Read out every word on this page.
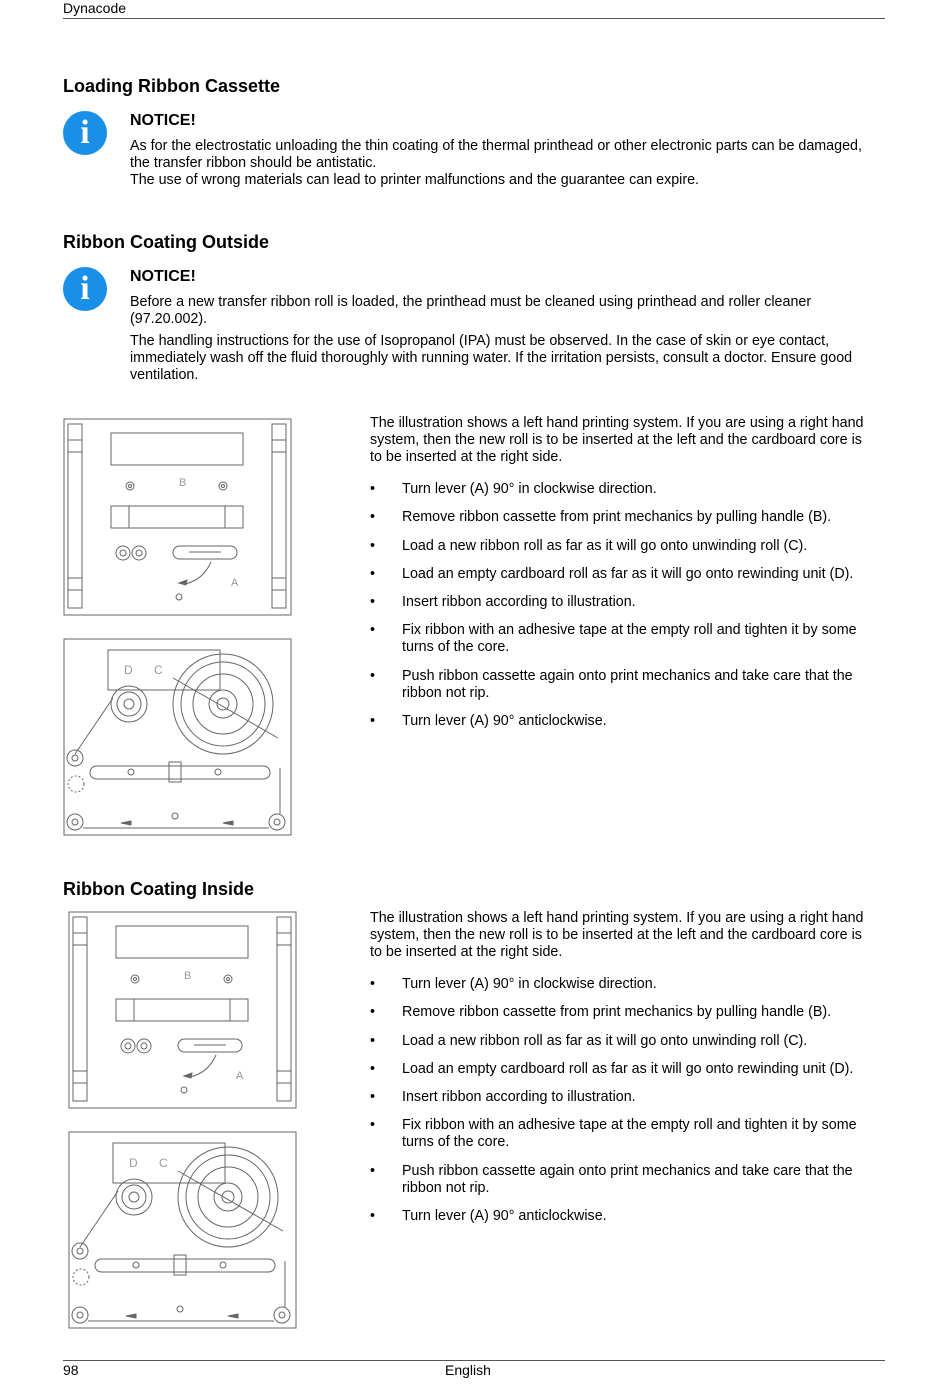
Dynacode
Loading Ribbon Cassette
i	NOTICE!

As for the electrostatic unloading the thin coating of the thermal printhead or other electronic parts can be damaged, the transfer ribbon should be antistatic.

The use of wrong materials can lead to printer malfunctions and the guarantee can expire.

Ribbon Coating Outside
i	NOTICE!

Before a new transfer ribbon roll is loaded, the printhead must be cleaned using printhead and roller cleaner (97.20.002).

The handling instructions for the use of Isopropanol (IPA) must be observed. In the case of skin or eye contact, immediately wash off the fluid thoroughly with running water. If the irritation persists, consult a doctor. Ensure good ventilation.

The illustration shows a left hand printing system. If you are using a right hand system, then the new roll is to be inserted at the left and the cardboard core is to be inserted at the right side.

• Turn lever (A) 90° in clockwise direction.
• Remove ribbon cassette from print mechanics by pulling handle (B).
• Load a new ribbon roll as far as it will go onto unwinding roll (C).
• Load an empty cardboard roll as far as it will go onto rewinding unit (D).
• Insert ribbon according to illustration.
• Fix ribbon with an adhesive tape at the empty roll and tighten it by some turns of the core.
• Push ribbon cassette again onto print mechanics and take care that the ribbon not rip.
• Turn lever (A) 90° anticlockwise.
B
A
D C
Ribbon Coating Inside

The illustration shows a left hand printing system. If you are using a right hand system, then the new roll is to be inserted at the left and the cardboard core is to be inserted at the right side.

• Turn lever (A) 90° in clockwise direction.
• Remove ribbon cassette from print mechanics by pulling handle (B).
• Load a new ribbon roll as far as it will go onto unwinding roll (C).
• Load an empty cardboard roll as far as it will go onto rewinding unit (D).
• Insert ribbon according to illustration.
• Fix ribbon with an adhesive tape at the empty roll and tighten it by some turns of the core.
• Push ribbon cassette again onto print mechanics and take care that the ribbon not rip.
• Turn lever (A) 90° anticlockwise.
B
A
D C
98	English
